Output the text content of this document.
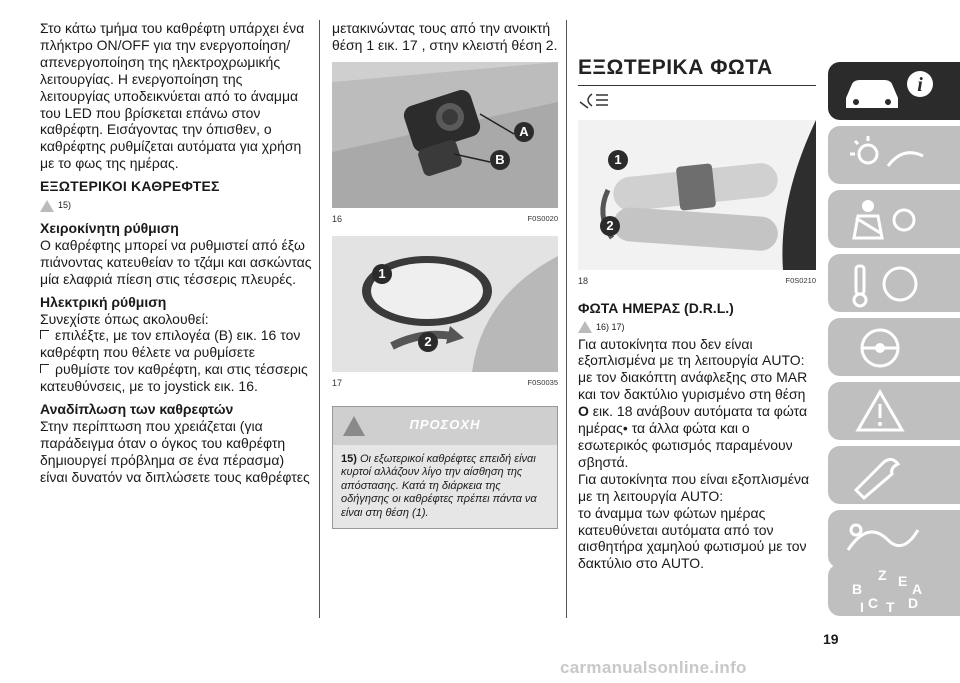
Στο κάτω τμήμα του καθρέφτη υπάρχει ένα πλήκτρο ON/OFF για την ενεργοποίηση/απενεργοποίηση της ηλεκτροχρωμικής λειτουργίας. Η ενεργοποίηση της λειτουργίας υποδεικνύεται από το άναμμα του LED που βρίσκεται επάνω στον καθρέφτη. Εισάγοντας την όπισθεν, ο καθρέφτης ρυθμίζεται αυτόματα για χρήση με το φως της ημέρας.

ΕΞΩΤΕΡΙΚΟΙ ΚΑΘΡΕΦΤΕΣ
15)
Χειροκίνητη ρύθμιση

Ο καθρέφτης μπορεί να ρυθμιστεί από έξω πιάνοντας κατευθείαν το τζάμι και ασκώντας μία ελαφριά πίεση στις τέσσερις πλευρές.

Ηλεκτρική ρύθμιση

Συνεχίστε όπως ακολουθεί:

επιλέξτε, με τον επιλογέα (B) εικ. 16 τον καθρέφτη που θέλετε να ρυθμίσετε

ρυθμίστε τον καθρέφτη, και στις τέσσερις κατευθύνσεις, με το joystick εικ. 16.

Αναδίπλωση των καθρεφτών

Στην περίπτωση που χρειάζεται (για παράδειγμα όταν ο όγκος του καθρέφτη δημιουργεί πρόβλημα σε ένα πέρασμα) είναι δυνατόν να διπλώσετε τους καθρέφτες

μετακινώντας τους από την ανοικτή θέση 1 εικ. 17 , στην κλειστή θέση 2.

A
B
16	F0S0020
1
2
17	F0S0035
ΠΡΟΣΟΧΗ
15) Οι εξωτερικοί καθρέφτες επειδή είναι κυρτοί αλλάζουν λίγο την αίσθηση της απόστασης. Κατά τη διάρκεια της οδήγησης οι καθρέφτες πρέπει πάντα να είναι στη θέση (1).
ΕΞΩΤΕΡΙΚΑ ΦΩΤΑ
1
2
18	F0S0210
ΦΩΤΑ ΗΜΕΡΑΣ (D.R.L.)
16) 17)

Για αυτοκίνητα που δεν είναι εξοπλισμένα με τη λειτουργία AUTO:

με τον διακόπτη ανάφλεξης στο MAR και τον δακτύλιο γυρισμένο στη θέση O εικ. 18 ανάβουν αυτόματα τα φώτα ημέρας• τα άλλα φώτα και ο εσωτερικός φωτισμός παραμένουν σβηστά.

Για αυτοκίνητα που είναι εξοπλισμένα με τη λειτουργία AUTO:

το άναμμα των φώτων ημέρας κατευθύνεται αυτόματα από τον αισθητήρα χαμηλού φωτισμού με τον δακτύλιο στο AUTO.

i
Z E A
B
C D
T
I
19
carmanualsonline.info
